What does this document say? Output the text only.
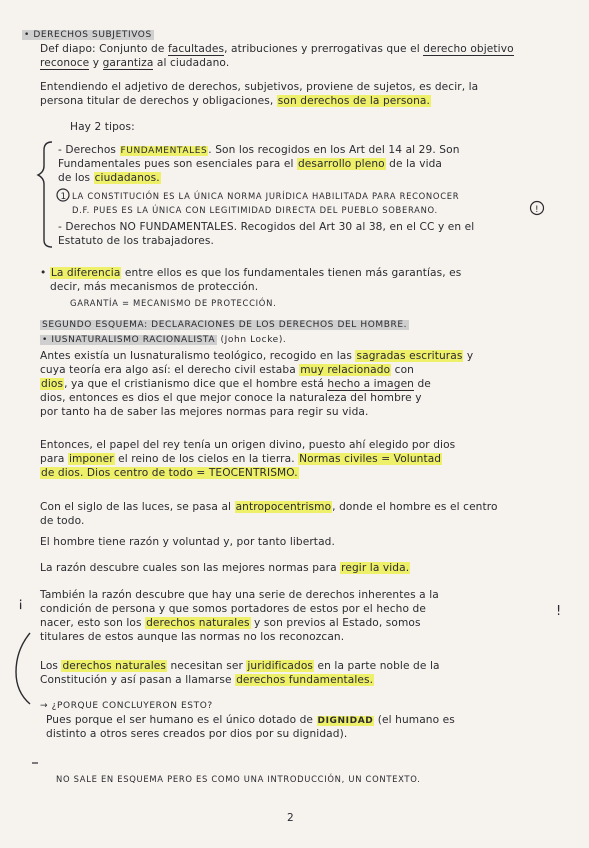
• DERECHOS SUBJETIVOS
Def diapo: Conjunto de facultades, atribuciones y prerrogativas que el derecho objetivo
reconoce y garantiza al ciudadano.
Entendiendo el adjetivo de derechos, subjetivos, proviene de sujetos, es decir, la
persona titular de derechos y obligaciones, son derechos de la persona.
Hay 2 tipos:
- Derechos FUNDAMENTALES. Son los recogidos en los Art del 14 al 29. Son
Fundamentales pues son esenciales para el desarrollo pleno de la vida
de los ciudadanos.
LA CONSTITUCIÓN ES LA ÚNICA NORMA JURÍDICA HABILITADA PARA RECONOCER
D.F. PUES ES LA ÚNICA CON LEGITIMIDAD DIRECTA DEL PUEBLO SOBERANO.
- Derechos NO FUNDAMENTALES. Recogidos del Art 30 al 38, en el CC y en el
Estatuto de los trabajadores.
• La diferencia entre ellos es que los fundamentales tienen más garantías, es
decir, más mecanismos de protección.
GARANTÍA = MECANISMO DE PROTECCIÓN.
SEGUNDO ESQUEMA: DECLARACIONES DE LOS DERECHOS DEL HOMBRE.
• IUSNATURALISMO RACIONALISTA (John Locke).
Antes existía un Iusnaturalismo teológico, recogido en las sagradas escrituras y
cuya teoría era algo así: el derecho civil estaba muy relacionado con
dios, ya que el cristianismo dice que el hombre está hecho a imagen de
dios, entonces es dios el que mejor conoce la naturaleza del hombre y
por tanto ha de saber las mejores normas para regir su vida.
Entonces, el papel del rey tenía un origen divino, puesto ahí elegido por dios
para imponer el reino de los cielos en la tierra. Normas civiles = Voluntad
de dios. Dios centro de todo = TEOCENTRISMO.
Con el siglo de las luces, se pasa al antropocentrismo, donde el hombre es el centro
de todo.
El hombre tiene razón y voluntad y, por tanto libertad.
La razón descubre cuales son las mejores normas para regir la vida.
También la razón descubre que hay una serie de derechos inherentes a la
condición de persona y que somos portadores de estos por el hecho de
nacer, esto son los derechos naturales y son previos al Estado, somos
titulares de estos aunque las normas no los reconozcan.
Los derechos naturales necesitan ser juridificados en la parte noble de la
Constitución y así pasan a llamarse derechos fundamentales.
→ ¿PORQUE CONCLUYERON ESTO?
Pues porque el ser humano es el único dotado de DIGNIDAD (el humano es
distinto a otros seres creados por dios por su dignidad).
NO SALE EN ESQUEMA PERO ES COMO UNA INTRODUCCIÓN, UN CONTEXTO.
2
¡
!
1
!
